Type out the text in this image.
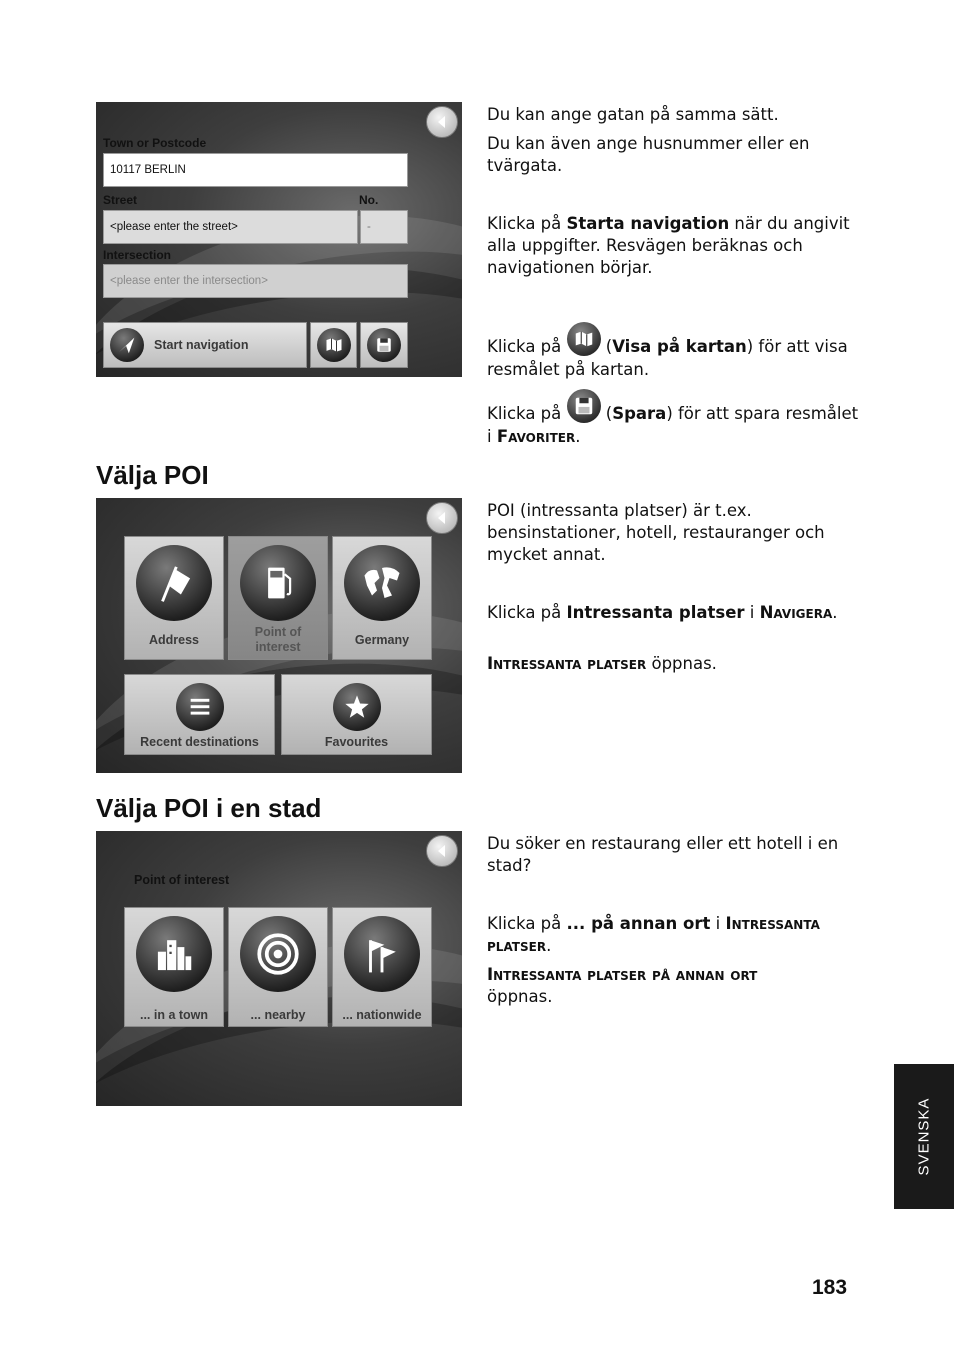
Town or Postcode
10117 BERLIN
Street	No.
<please enter the street>	-
Intersection
<please enter the intersection>
Start navigation

Du kan ange gatan på samma sätt.

Du kan även ange husnummer eller en tvärgata.

Klicka på Starta navigation när du angivit alla uppgifter. Resvägen beräknas och navigationen börjar.

Klicka på
(Visa på kartan) för att visa resmålet på kartan.

Klicka på
(Spara) för att spara resmålet i Favoriter.

Välja POI
Address
Point of interest	Germany
Recent destinations	Favourites

POI (intressanta platser) är t.ex. bensinstationer, hotell, restauranger och mycket annat.

Klicka på Intressanta platser i Navigera.

Intressanta platser öppnas.

Välja POI i en stad
Point of interest
... in a town	... nearby	... nationwide

Du söker en restaurang eller ett hotell i en stad?

Klicka på ... på annan ort i Intressanta platser.

Intressanta platser på annan ort
öppnas.

SVENSKA
183
